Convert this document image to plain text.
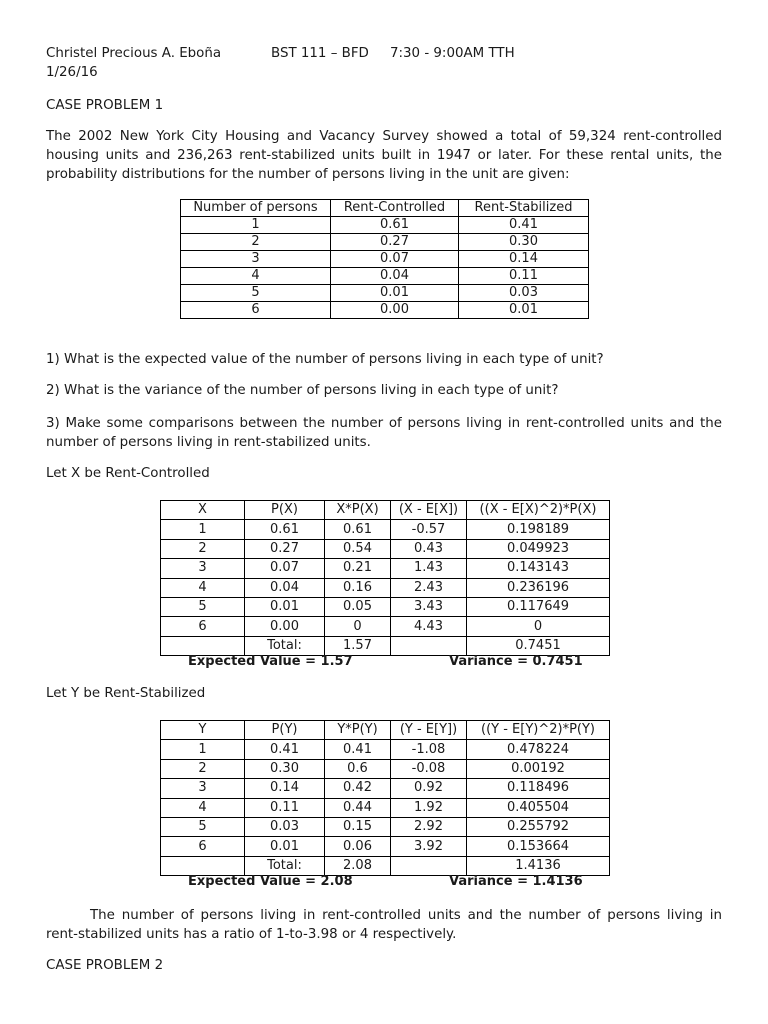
Christel Precious A. Eboña	BST 111 – BFD 7:30 - 9:00AM TTH
1/26/16
CASE PROBLEM 1
The 2002 New York City Housing and Vacancy Survey showed a total of 59,324 rent-controlled
housing units and 236,263 rent-stabilized units built in 1947 or later. For these rental units, the
probability distributions for the number of persons living in the unit are given:
Number of persons	Rent-Controlled	Rent-Stabilized
1	0.61	0.41
2	0.27	0.30
3	0.07	0.14
4	0.04	0.11
5	0.01	0.03
6	0.00	0.01
1) What is the expected value of the number of persons living in each type of unit?
2) What is the variance of the number of persons living in each type of unit?
3) Make some comparisons between the number of persons living in rent-controlled units and the
number of persons living in rent-stabilized units.
Let X be Rent-Controlled
X	P(X)	X*P(X)	(X - E[X])	((X - E[X)^2)*P(X)
1	0.61	0.61	-0.57	0.198189
2	0.27	0.54	0.43	0.049923
3	0.07	0.21	1.43	0.143143
4	0.04	0.16	2.43	0.236196
5	0.01	0.05	3.43	0.117649
6	0.00	0	4.43	0
	Total:	1.57		0.7451
Expected Value = 1.57	Variance = 0.7451
Let Y be Rent-Stabilized
Y	P(Y)	Y*P(Y)	(Y - E[Y])	((Y - E[Y)^2)*P(Y)
1	0.41	0.41	-1.08	0.478224
2	0.30	0.6	-0.08	0.00192
3	0.14	0.42	0.92	0.118496
4	0.11	0.44	1.92	0.405504
5	0.03	0.15	2.92	0.255792
6	0.01	0.06	3.92	0.153664
	Total:	2.08		1.4136
Expected Value = 2.08	Variance = 1.4136
The number of persons living in rent-controlled units and the number of persons living in
rent-stabilized units has a ratio of 1-to-3.98 or 4 respectively.
CASE PROBLEM 2
